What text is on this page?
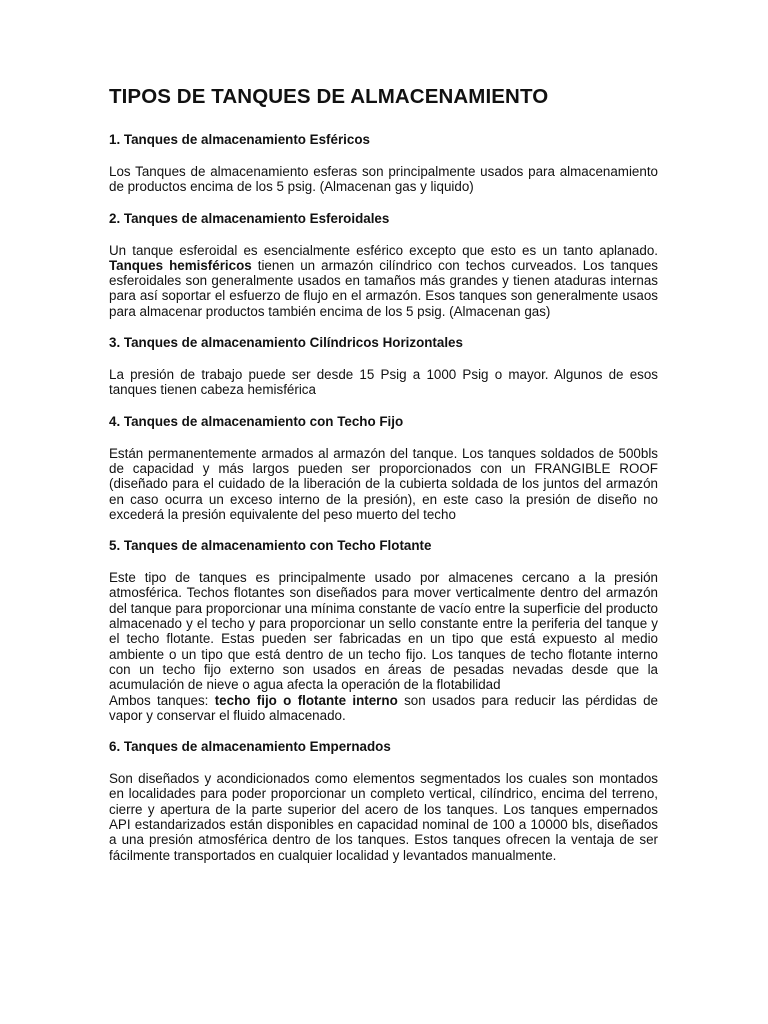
TIPOS DE TANQUES DE ALMACENAMIENTO
1. Tanques de almacenamiento Esféricos

Los Tanques de almacenamiento esferas son principalmente usados para almacenamiento de productos encima de los 5 psig. (Almacenan gas y liquido)

2. Tanques de almacenamiento Esferoidales

Un tanque esferoidal es esencialmente esférico excepto que esto es un tanto aplanado. Tanques hemisféricos tienen un armazón cilíndrico con techos curveados. Los tanques esferoidales son generalmente usados en tamaños más grandes y tienen ataduras internas para así soportar el esfuerzo de flujo en el armazón. Esos tanques son generalmente usaos para almacenar productos también encima de los 5 psig. (Almacenan gas)

3. Tanques de almacenamiento Cilíndricos Horizontales

La presión de trabajo puede ser desde 15 Psig a 1000 Psig o mayor. Algunos de esos tanques tienen cabeza hemisférica

4. Tanques de almacenamiento con Techo Fijo

Están permanentemente armados al armazón del tanque. Los tanques soldados de 500bls de capacidad y más largos pueden ser proporcionados con un FRANGIBLE ROOF (diseñado para el cuidado de la liberación de la cubierta soldada de los juntos del armazón en caso ocurra un exceso interno de la presión), en este caso la presión de diseño no excederá la presión equivalente del peso muerto del techo

5. Tanques de almacenamiento con Techo Flotante

Este tipo de tanques es principalmente usado por almacenes cercano a la presión atmosférica. Techos flotantes son diseñados para mover verticalmente dentro del armazón del tanque para proporcionar una mínima constante de vacío entre la superficie del producto almacenado y el techo y para proporcionar un sello constante entre la periferia del tanque y el techo flotante. Estas pueden ser fabricadas en un tipo que está expuesto al medio ambiente o un tipo que está dentro de un techo fijo. Los tanques de techo flotante interno con un techo fijo externo son usados en áreas de pesadas nevadas desde que la acumulación de nieve o agua afecta la operación de la flotabilidad

Ambos tanques: techo fijo o flotante interno son usados para reducir las pérdidas de vapor y conservar el fluido almacenado.

6. Tanques de almacenamiento Empernados

Son diseñados y acondicionados como elementos segmentados los cuales son montados en localidades para poder proporcionar un completo vertical, cilíndrico, encima del terreno, cierre y apertura de la parte superior del acero de los tanques. Los tanques empernados API estandarizados están disponibles en capacidad nominal de 100 a 10000 bls, diseñados a una presión atmosférica dentro de los tanques. Estos tanques ofrecen la ventaja de ser fácilmente transportados en cualquier localidad y levantados manualmente.
